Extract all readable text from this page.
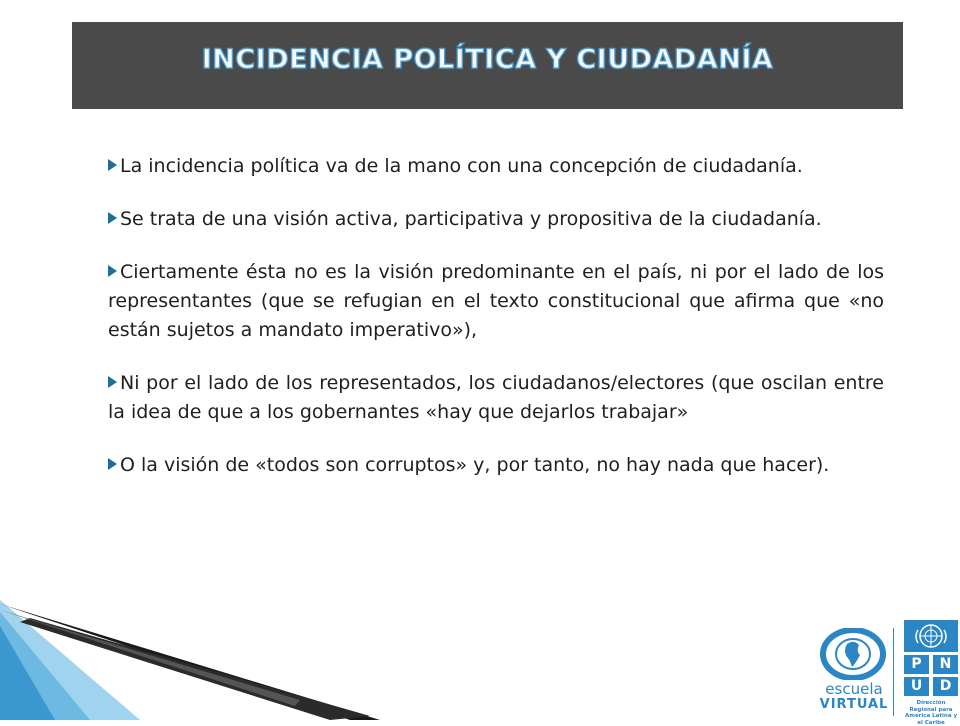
INCIDENCIA POLÍTICA Y CIUDADANÍA
La incidencia política va de la mano con una concepción de ciudadanía.
Se trata de una visión activa, participativa y propositiva de la ciudadanía.
Ciertamente ésta no es la visión predominante en el país, ni por el lado de los representantes (que se refugian en el texto constitucional que afirma que «no están sujetos a mandato imperativo»),
Ni por el lado de los representados, los ciudadanos/electores (que oscilan entre la idea de que a los gobernantes «hay que dejarlos trabajar»
O la visión de «todos son corruptos» y, por tanto, no hay nada que hacer).
escuela
VIRTUAL
P	N
U	D
Dirección Regional para América Latina y el Caribe
